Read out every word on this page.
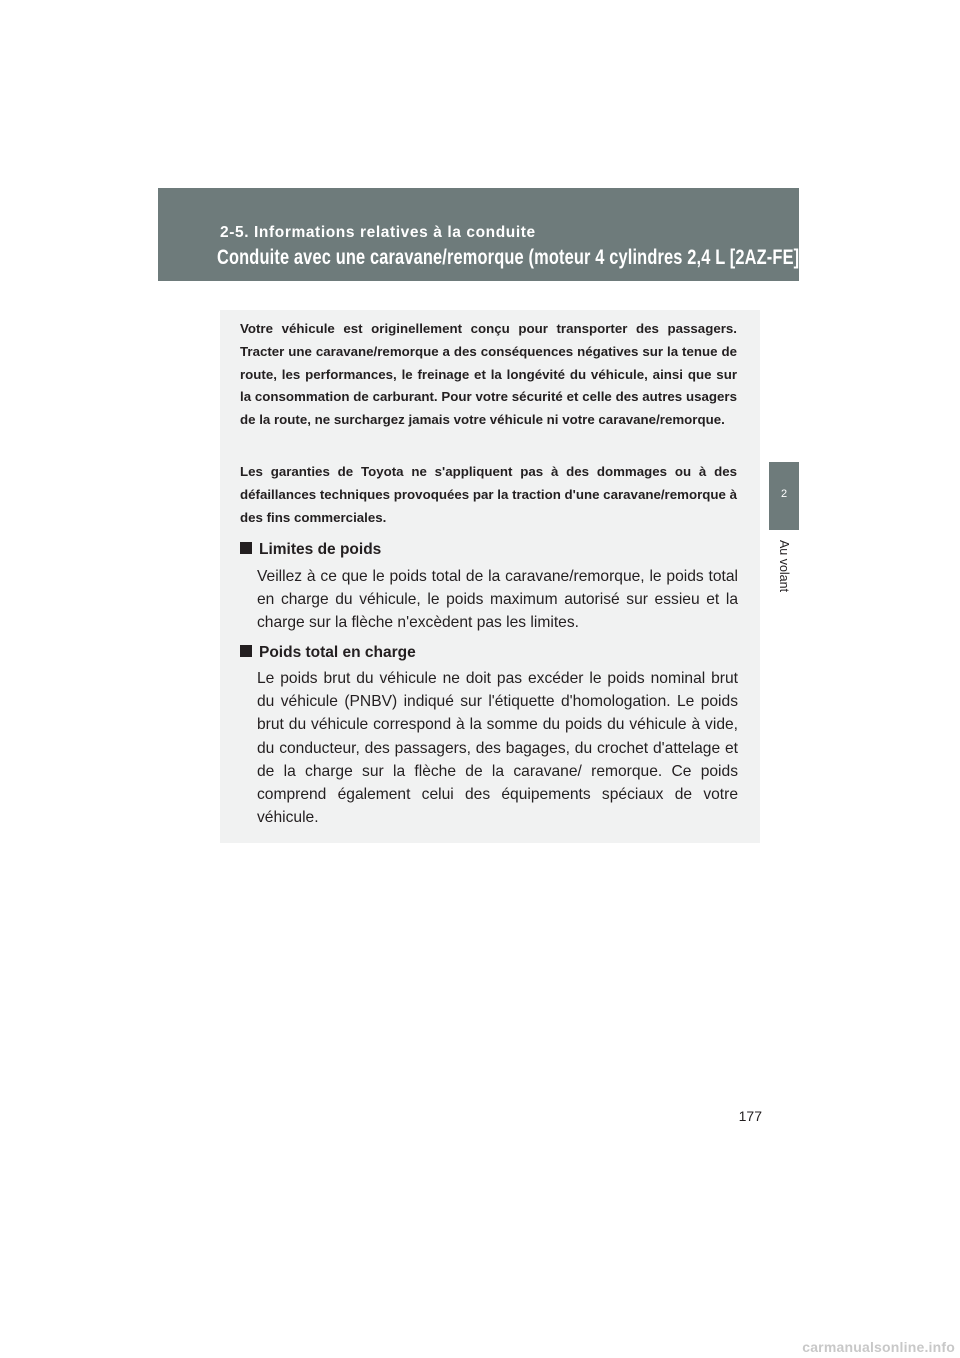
2-5. Informations relatives à la conduite
Conduite avec une caravane/remorque (moteur 4 cylindres 2,4 L [2AZ-FE])
2
Au volant

Votre véhicule est originellement conçu pour transporter des passagers. Tracter une caravane/remorque a des conséquences négatives sur la tenue de route, les performances, le freinage et la longévité du véhicule, ainsi que sur la consommation de carburant. Pour votre sécurité et celle des autres usagers de la route, ne surchargez jamais votre véhicule ni votre caravane/remorque.

Les garanties de Toyota ne s'appliquent pas à des dommages ou à des défaillances techniques provoquées par la traction d'une caravane/remorque à des fins commerciales.

Limites de poids

Veillez à ce que le poids total de la caravane/remorque, le poids total en charge du véhicule, le poids maximum autorisé sur essieu et la charge sur la flèche n'excèdent pas les limites.

Poids total en charge

Le poids brut du véhicule ne doit pas excéder le poids nominal brut du véhicule (PNBV) indiqué sur l'étiquette d'homologation. Le poids brut du véhicule correspond à la somme du poids du véhicule à vide, du conducteur, des passagers, des bagages, du crochet d'attelage et de la charge sur la flèche de la caravane/ remorque. Ce poids comprend également celui des équipements spéciaux de votre véhicule.

177
carmanualsonline.info
